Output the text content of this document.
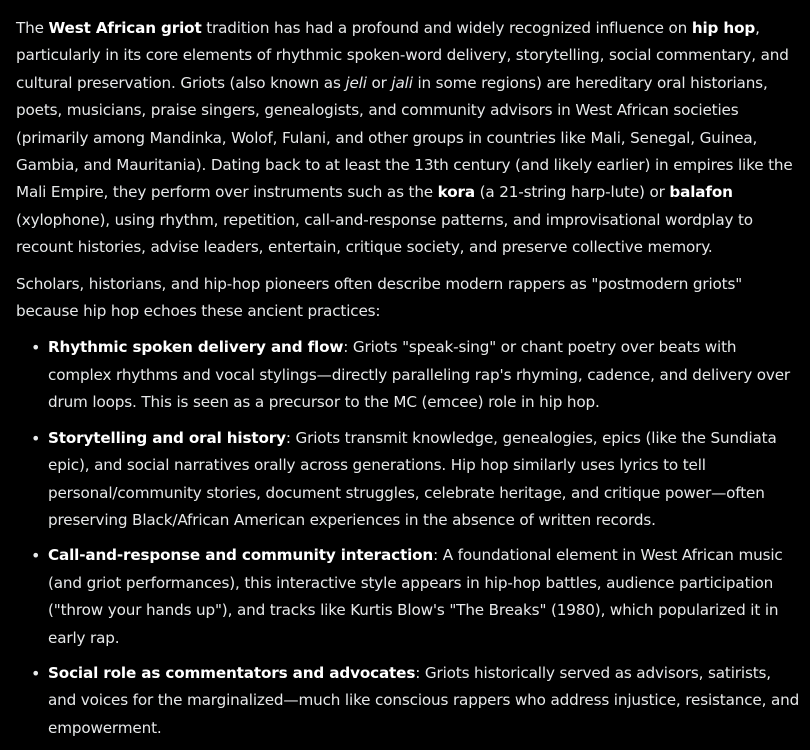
The West African griot tradition has had a profound and widely recognized influence on hip hop, particularly in its core elements of rhythmic spoken-word delivery, storytelling, social commentary, and cultural preservation. Griots (also known as jeli or jali in some regions) are hereditary oral historians, poets, musicians, praise singers, genealogists, and community advisors in West African societies (primarily among Mandinka, Wolof, Fulani, and other groups in countries like Mali, Senegal, Guinea, Gambia, and Mauritania). Dating back to at least the 13th century (and likely earlier) in empires like the Mali Empire, they perform over instruments such as the kora (a 21-string harp-lute) or balafon (xylophone), using rhythm, repetition, call-and-response patterns, and improvisational wordplay to recount histories, advise leaders, entertain, critique society, and preserve collective memory.

Scholars, historians, and hip-hop pioneers often describe modern rappers as "postmodern griots" because hip hop echoes these ancient practices:

• Rhythmic spoken delivery and flow: Griots "speak-sing" or chant poetry over beats with complex rhythms and vocal stylings—directly paralleling rap's rhyming, cadence, and delivery over drum loops. This is seen as a precursor to the MC (emcee) role in hip hop.
• Storytelling and oral history: Griots transmit knowledge, genealogies, epics (like the Sundiata epic), and social narratives orally across generations. Hip hop similarly uses lyrics to tell personal/community stories, document struggles, celebrate heritage, and critique power—often preserving Black/African American experiences in the absence of written records.
• Call-and-response and community interaction: A foundational element in West African music (and griot performances), this interactive style appears in hip-hop battles, audience participation ("throw your hands up"), and tracks like Kurtis Blow's "The Breaks" (1980), which popularized it in early rap.
• Social role as commentators and advocates: Griots historically served as advisors, satirists, and voices for the marginalized—much like conscious rappers who address injustice, resistance, and empowerment.
